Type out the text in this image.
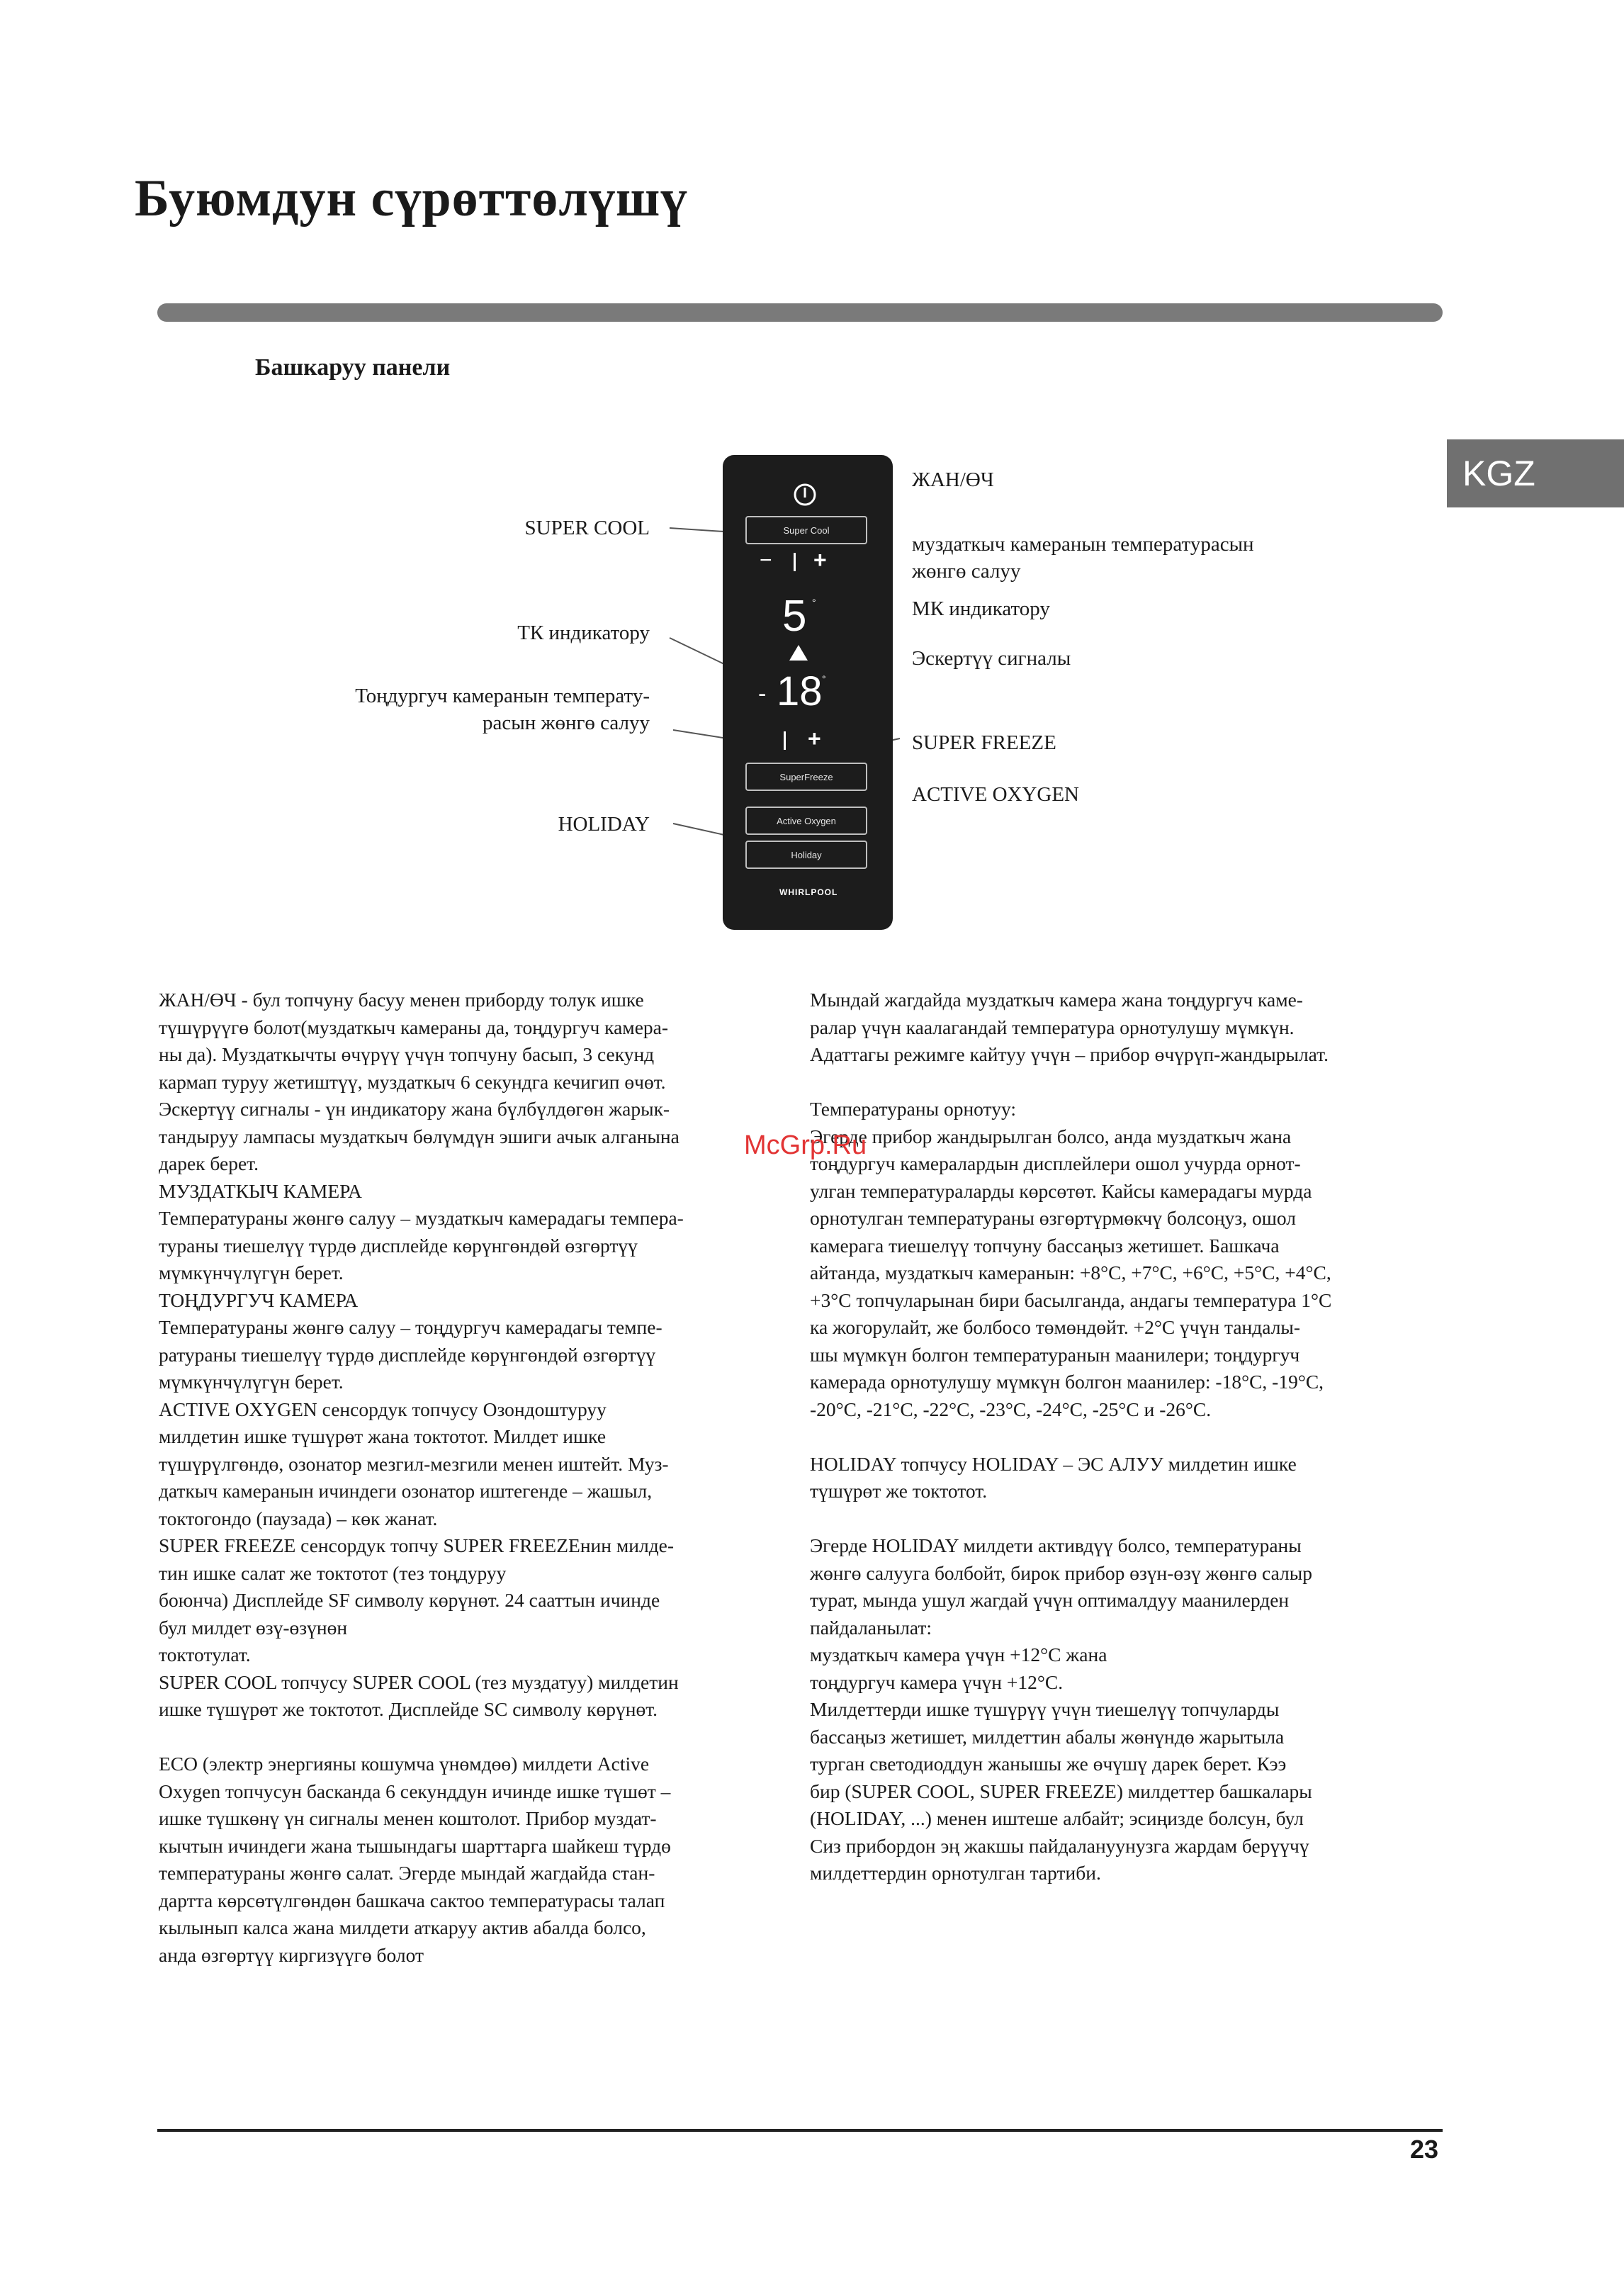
Буюмдун сүрөттөлүшү
Башкаруу панели
KGZ
Super Cool
− +
5 °
- 18 °
+
SuperFreeze
Active Oxygen
Holiday
WHIRLPOOL
ЖАН/ӨЧ
SUPER COOL
муздаткыч камеранын температурасын
жөнгө салуу
МК индикатору
ТК индикатору
Эскертүү сигналы
Тоңдургуч камеранын температу-
расын жөнгө салуу
SUPER FREEZE
ACTIVE OXYGEN
HOLIDAY

ЖАН/ӨЧ - бул топчуну басуу менен приборду толук ишке

түшүрүүгө болот(муздаткыч камераны да, тоңдургуч камера-

ны да). Муздаткычты өчүрүү үчүн топчуну басып, 3 секунд

кармап туруу жетиштүү, муздаткыч 6 секундга кечигип өчөт.

Эскертүү сигналы - үн индикатору жана бүлбүлдөгөн жарык-

тандыруу лампасы муздаткыч бөлүмдүн эшиги ачык алганына

дарек берет.

МУЗДАТКЫЧ КАМЕРА

Температураны жөнгө салуу – муздаткыч камерадагы темпера-

тураны тиешелүү түрдө дисплейде көрүнгөндөй өзгөртүү

мүмкүнчүлүгүн берет.

ТОҢДУРГУЧ КАМЕРА

Температураны жөнгө салуу – тоңдургуч камерадагы темпе-

ратураны тиешелүү түрдө дисплейде көрүнгөндөй өзгөртүү

мүмкүнчүлүгүн берет.

ACTIVE OXYGEN сенсордук топчусу Озондоштуруу

милдетин ишке түшүрөт жана токтотот. Милдет ишке

түшүрүлгөндө, озонатор мезгил-мезгили менен иштейт. Муз-

даткыч камеранын ичиндеги озонатор иштегенде – жашыл,

токтогондо (паузада) – көк жанат.

SUPER FREEZE сенсордук топчу SUPER FREEZEнин милде-

тин ишке салат же токтотот (тез тоңдуруу

боюнча) Дисплейде SF символу көрүнөт. 24 сааттын ичинде

бул милдет өзү-өзүнөн

токтотулат.

SUPER COOL топчусу SUPER COOL (тез муздатуу) милдетин

ишке түшүрөт же токтотот. Дисплейде SC символу көрүнөт.

ECO (электр энергияны кошумча үнөмдөө) милдети Active

Oxygen топчусун басканда 6 секунддун ичинде ишке түшөт –

ишке түшкөнү үн сигналы менен коштолот. Прибор муздат-

кычтын ичиндеги жана тышындагы шарттарга шайкеш түрдө

температураны жөнгө салат. Эгерде мындай жагдайда стан-

дартта көрсөтүлгөндөн башкача сактоо температурасы талап

кылынып калса жана милдети аткаруу актив абалда болсо,

анда өзгөртүү киргизүүгө болот

Мындай жагдайда муздаткыч камера жана тоңдургуч каме-

ралар үчүн каалагандай температура орнотулушу мүмкүн.

Адаттагы режимге кайтуу үчүн – прибор өчүрүп-жандырылат.

Температураны орнотуу:

Эгерде прибор жандырылган болсо, анда муздаткыч жана

тоңдургуч камералардын дисплейлери ошол учурда орнот-

улган температураларды көрсөтөт. Кайсы камерадагы мурда

орнотулган температураны өзгөртүрмөкчү болсоңуз, ошол

камерага тиешелүү топчуну бассаңыз жетишет. Башкача

айтанда, муздаткыч камеранын: +8°C, +7°C, +6°C, +5°C, +4°C,

+3°C топчуларынан бири басылганда, андагы температура 1°C

ка жогорулайт, же болбосо төмөндөйт. +2°C үчүн тандалы-

шы мүмкүн болгон температуранын маанилери; тоңдургуч

камерада орнотулушу мүмкүн болгон маанилер: -18°C, -19°C,

-20°C, -21°C, -22°C, -23°C, -24°C, -25°C и -26°C.

HOLIDAY топчусу HOLIDAY – ЭС АЛУУ милдетин ишке

түшүрөт же токтотот.

Эгерде HOLIDAY милдети активдүү болсо, температураны

жөнгө салууга болбойт, бирок прибор өзүн-өзү жөнгө салыр

турат, мында ушул жагдай үчүн оптималдуу маанилерден

пайдаланылат:

муздаткыч камера үчүн +12°C жана

тоңдургуч камера үчүн +12°C.

Милдеттерди ишке түшүрүү үчүн тиешелүү топчуларды

бассаңыз жетишет, милдеттин абалы жөнүндө жарытыла

турган светодиоддун жанышы же өчүшү дарек берет. Кээ

бир (SUPER COOL, SUPER FREEZE) милдеттер башкалары

(HOLIDAY, ...) менен иштеше албайт; эсиңизде болсун, бул

Сиз прибордон эң жакшы пайдалануунузга жардам берүүчү

милдеттердин орнотулган тартиби.

McGrp.Ru
23
